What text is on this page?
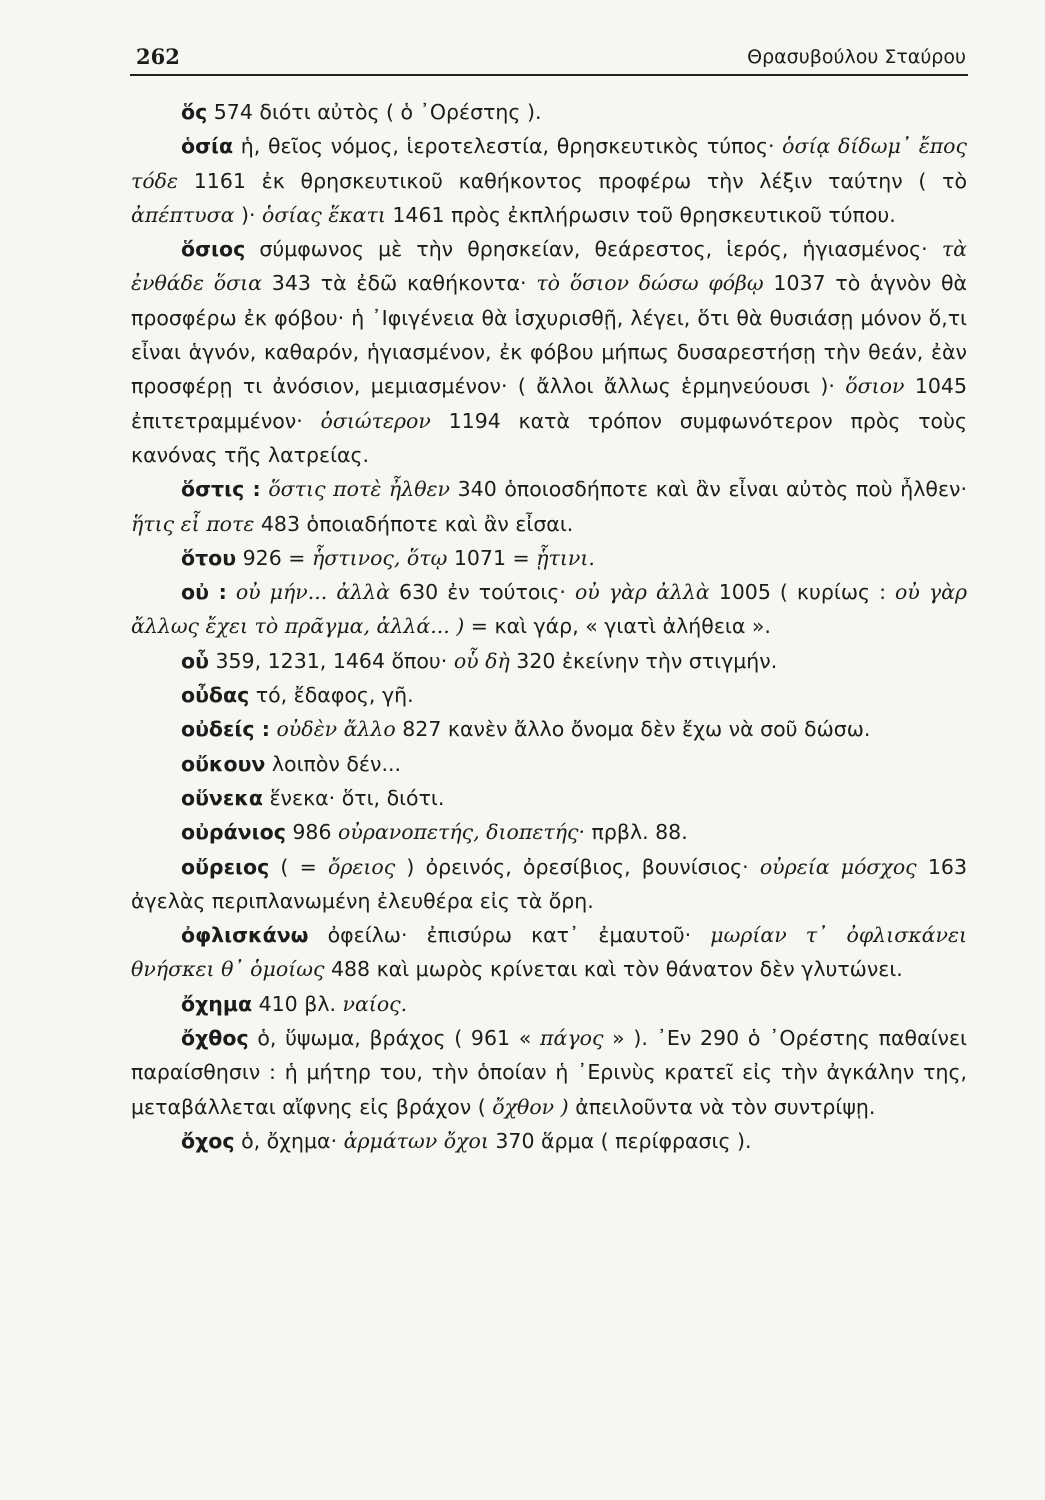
262	Θρασυβούλου Σταύρου

ὅς 574 διότι αὐτὸς ( ὁ ᾿Ορέστης ).

ὁσία ἡ, θεῖος νόμος, ἱεροτελεστία, θρησκευτικὸς τύπος· ὁσίᾳ δίδωμ᾿ ἔπος τόδε 1161 ἐκ θρησκευτικοῦ καθήκοντος προφέρω τὴν λέξιν ταύτην ( τὸ ἀπέπτυσα )· ὁσίας ἕκατι 1461 πρὸς ἐκπλήρωσιν τοῦ θρησκευτικοῦ τύπου.

ὅσιος σύμφωνος μὲ τὴν θρησκείαν, θεάρεστος, ἱερός, ἡγιασμένος· τὰ ἐνθάδε ὅσια 343 τὰ ἐδῶ καθήκοντα· τὸ ὅσιον δώσω φόβῳ 1037 τὸ ἁγνὸν θὰ προσφέρω ἐκ φόβου· ἡ ᾿Ιφιγένεια θὰ ἰσχυρισθῇ, λέγει, ὅτι θὰ θυσιάσῃ μόνον ὅ,τι εἶναι ἁγνόν, καθαρόν, ἡγιασμένον, ἐκ φόβου μήπως δυσαρεστήσῃ τὴν θεάν, ἐὰν προσφέρῃ τι ἀνόσιον, μεμιασμένον· ( ἄλλοι ἄλλως ἑρμηνεύουσι )· ὅσιον 1045 ἐπιτετραμμένον· ὁσιώτερον 1194 κατὰ τρόπον συμφωνότερον πρὸς τοὺς κανόνας τῆς λατρείας.

ὅστις : ὅστις ποτὲ ἦλθεν 340 ὁποιοσδήποτε καὶ ἂν εἶναι αὐτὸς ποὺ ἦλθεν· ἥτις εἶ ποτε 483 ὁποιαδήποτε καὶ ἂν εἶσαι.

ὅτου 926 = ἧστινος, ὅτῳ 1071 = ᾗτινι.

οὐ : οὐ μήν... ἀλλὰ 630 ἐν τούτοις· οὐ γὰρ ἀλλὰ 1005 ( κυρίως : οὐ γὰρ ἄλλως ἔχει τὸ πρᾶγμα, ἀλλά... ) = καὶ γάρ, « γιατὶ ἀλήθεια ».

οὗ 359, 1231, 1464 ὅπου· οὗ δὴ 320 ἐκείνην τὴν στιγμήν.

οὖδας τό, ἔδαφος, γῆ.

οὐδείς : οὐδὲν ἄλλο 827 κανὲν ἄλλο ὄνομα δὲν ἔχω νὰ σοῦ δώσω.

οὔκουν λοιπὸν δέν...

οὕνεκα ἕνεκα· ὅτι, διότι.

οὐράνιος 986 οὐρανοπετής, διοπετής· πρβλ. 88.

οὔρειος ( = ὄρειος ) ὀρεινός, ὀρεσίβιος, βουνίσιος· οὐρεία μόσχος 163 ἀγελὰς περιπλανωμένη ἐλευθέρα εἰς τὰ ὄρη.

ὀφλισκάνω ὀφείλω· ἐπισύρω κατ᾿ ἐμαυτοῦ· μωρίαν τ᾿ ὀφλισκάνει θνήσκει θ᾿ ὁμοίως 488 καὶ μωρὸς κρίνεται καὶ τὸν θάνατον δὲν γλυτώνει.

ὄχημα 410 βλ. ναίος.

ὄχθος ὁ, ὕψωμα, βράχος ( 961 « πάγος » ). ᾿Εν 290 ὁ ᾿Ορέστης παθαίνει παραίσθησιν : ἡ μήτηρ του, τὴν ὁποίαν ἡ ᾿Ερινὺς κρατεῖ εἰς τὴν ἀγκάλην της, μεταβάλλεται αἴφνης εἰς βράχον ( ὄχθον ) ἀπειλοῦντα νὰ τὸν συντρίψῃ.

ὄχος ὁ, ὄχημα· ἁρμάτων ὄχοι 370 ἅρμα ( περίφρασις ).
